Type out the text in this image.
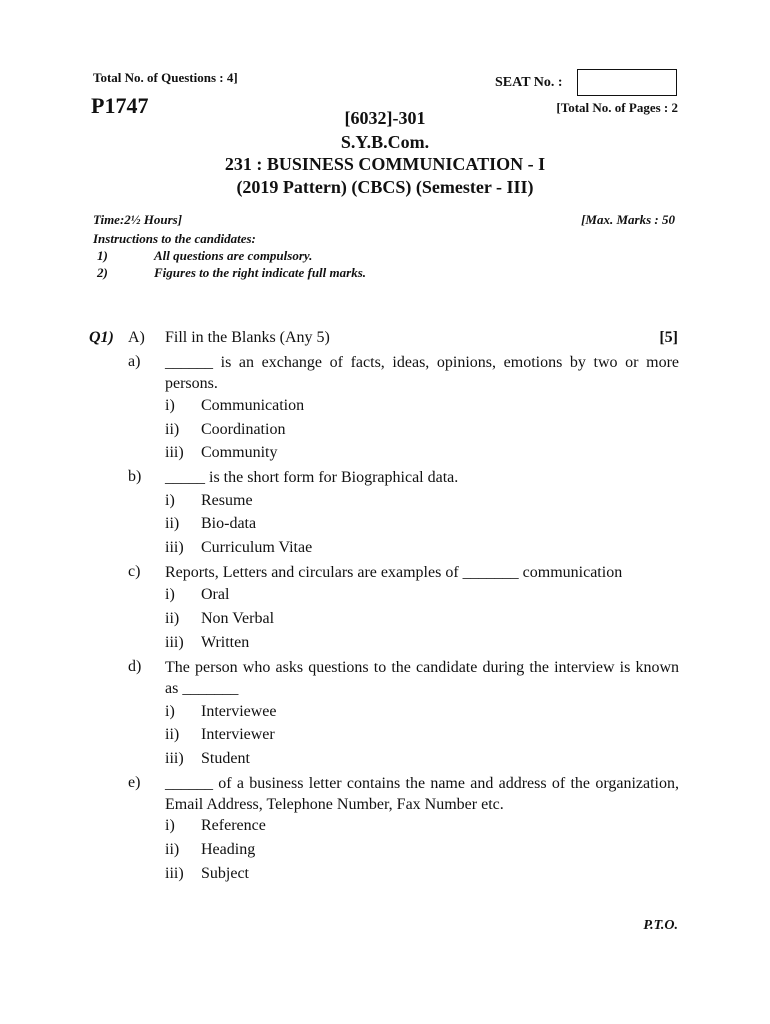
Total No. of Questions : 4]
P1747
SEAT No. :
[Total No. of Pages : 2
[6032]-301
S.Y.B.Com.
231 : BUSINESS COMMUNICATION - I
(2019 Pattern) (CBCS) (Semester - III)
Time:2½ Hours]	[Max. Marks : 50
Instructions to the candidates:
1)	All questions are compulsory.
2)	Figures to the right indicate full marks.
Q1) A) Fill in the Blanks (Any 5)	[5]
a) ______ is an exchange of facts, ideas, opinions, emotions by two or more persons.
i) Communication
ii) Coordination
iii) Community
b) _____ is the short form for Biographical data.
i) Resume
ii) Bio-data
iii) Curriculum Vitae
c) Reports, Letters and circulars are examples of _______ communication
i) Oral
ii) Non Verbal
iii) Written
d) The person who asks questions to the candidate during the interview is known as _______
i) Interviewee
ii) Interviewer
iii) Student
e) ______ of a business letter contains the name and address of the organization, Email Address, Telephone Number, Fax Number etc.
i) Reference
ii) Heading
iii) Subject
P.T.O.
